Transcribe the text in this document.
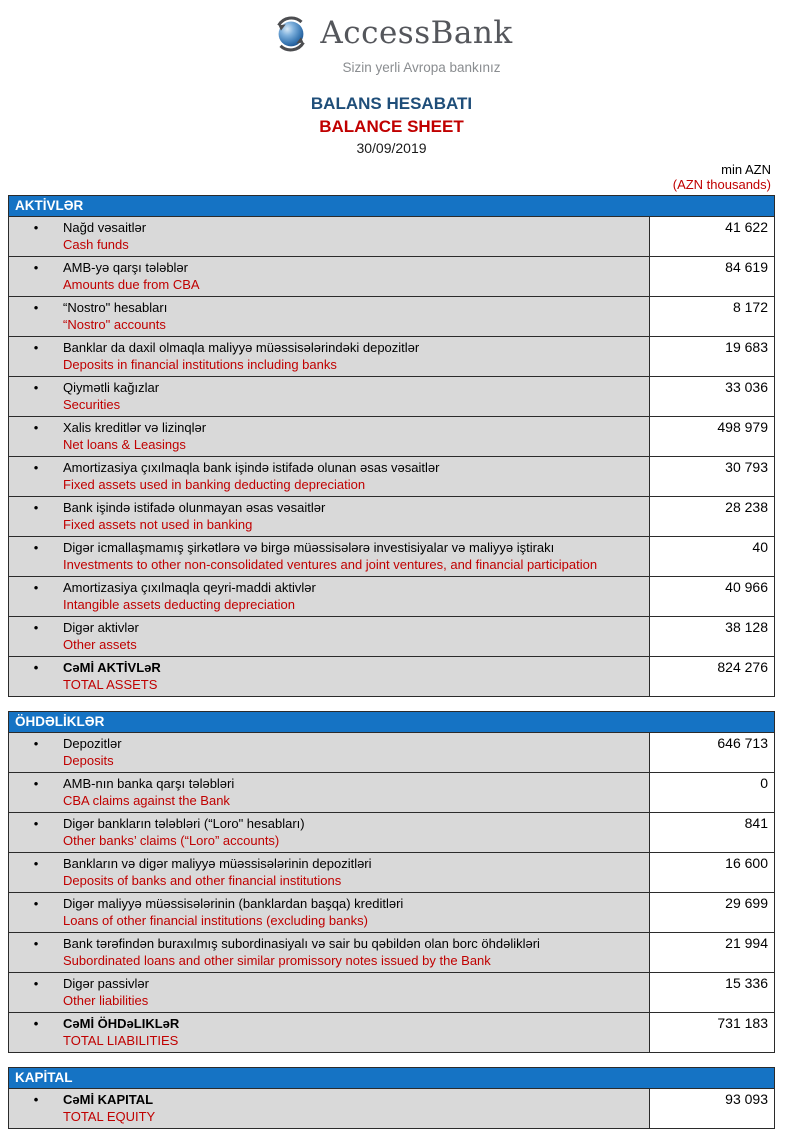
AccessBank
Sizin yerli Avropa bankınız
BALANS HESABATI
BALANCE SHEET
30/09/2019
min AZN
(AZN thousands)
AKTİVLƏR
•	Nağd vəsaitlər
Cash funds
41 622
•	AMB-yə qarşı tələblər
Amounts due from CBA
84 619
•	“Nostro" hesabları
“Nostro" accounts
8 172
•	Banklar da daxil olmaqla maliyyə müəssisələrindəki depozitlər
Deposits in financial institutions including banks
19 683
•	Qiymətli kağızlar
Securities
33 036
•	Xalis kreditlər və lizinqlər
Net loans & Leasings
498 979
•	Amortizasiya çıxılmaqla bank işində istifadə olunan əsas vəsaitlər
Fixed assets used in banking deducting depreciation
30 793
•	Bank işində istifadə olunmayan əsas vəsaitlər
Fixed assets not used in banking
28 238
•	Digər icmallaşmamış şirkətlərə və birgə müəssisələrə investisiyalar və maliyyə iştirakı
Investments to other non-consolidated ventures and joint ventures, and financial participation
40
•	Amortizasiya çıxılmaqla qeyri-maddi aktivlər
Intangible assets deducting depreciation
40 966
•	Digər aktivlər
Other assets
38 128
•	CəMİ AKTİVLəR
TOTAL ASSETS
824 276
ÖHDƏLİKLƏR
•	Depozitlər
Deposits
646 713
•	AMB-nın banka qarşı tələbləri
CBA claims against the Bank
0
•	Digər bankların tələbləri (“Loro" hesabları)
Other banks’ claims (“Loro” accounts)
841
•	Bankların və digər maliyyə müəssisələrinin depozitləri
Deposits of banks and other financial institutions
16 600
•	Digər maliyyə müəssisələrinin (banklardan başqa) kreditləri
Loans of other financial institutions (excluding banks)
29 699
•	Bank tərəfindən buraxılmış subordinasiyalı və sair bu qəbildən olan borc öhdəlikləri
Subordinated loans and other similar promissory notes issued by the Bank
21 994
•	Digər passivlər
Other liabilities
15 336
•	CəMİ ÖHDəLIKLəR
TOTAL LIABILITIES
731 183
KAPİTAL
•	CəMİ KAPITAL
TOTAL EQUITY
93 093
